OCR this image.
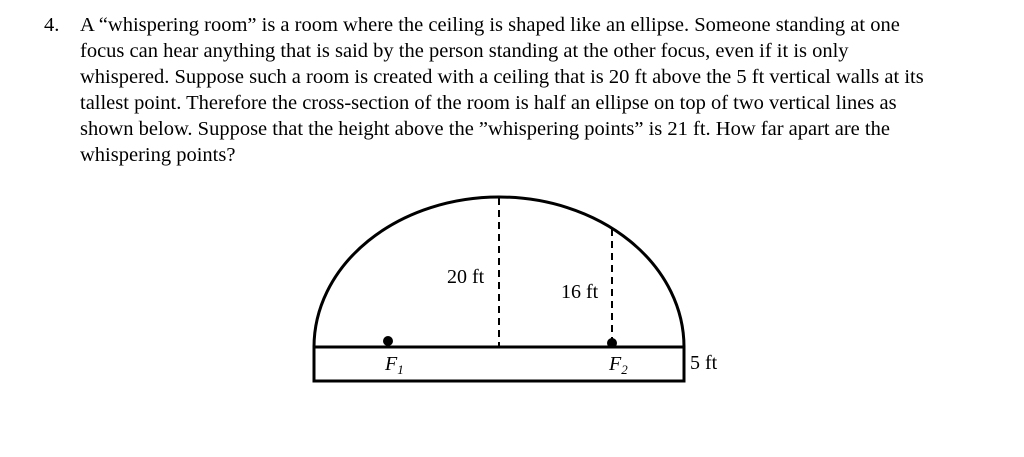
4. A “whispering room” is a room where the ceiling is shaped like an ellipse. Someone standing at one
focus can hear anything that is said by the person standing at the other focus, even if it is only
whispered. Suppose such a room is created with a ceiling that is 20 ft above the 5 ft vertical walls at its
tallest point. Therefore the cross-section of the room is half an ellipse on top of two vertical lines as
shown below. Suppose that the height above the ”whispering points” is 21 ft. How far apart are the
whispering points?
20 ft
16 ft
5 ft
$F_1$	$F_2$
